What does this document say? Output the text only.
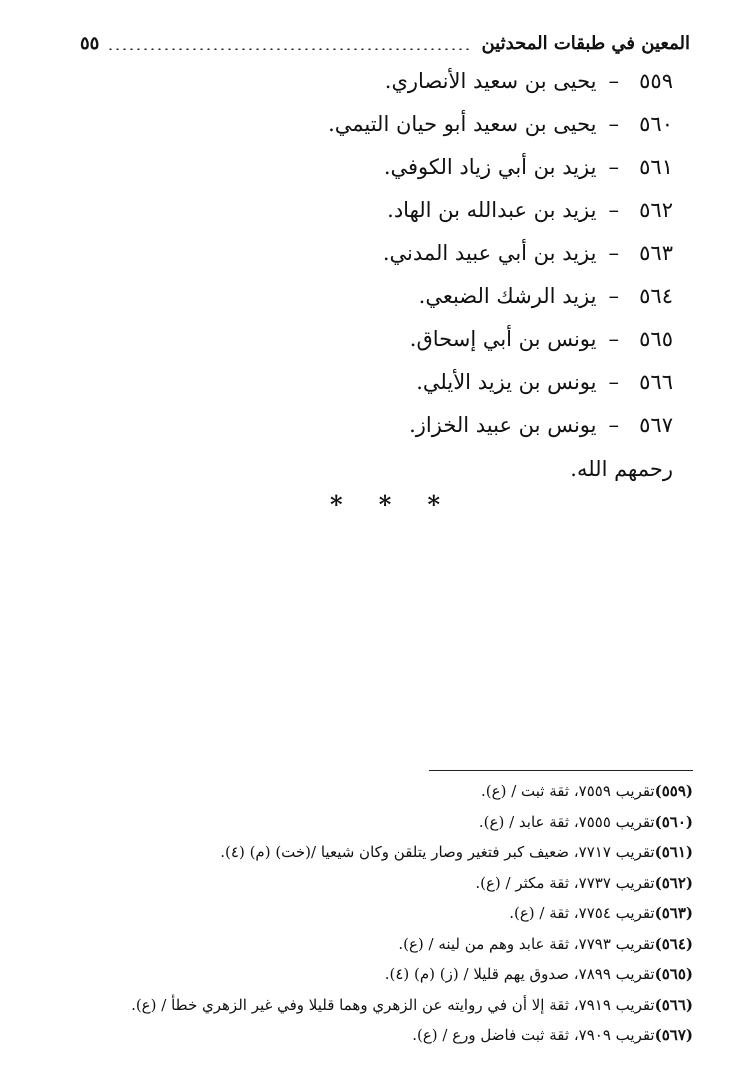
المعين في طبقات المحدثين
٥٥
٥٥٩
–
يحيى بن سعيد الأنصاري.
٥٦٠
–
يحيى بن سعيد أبو حيان التيمي.
٥٦١
–
يزيد بن أبي زياد الكوفي.
٥٦٢
–
يزيد بن عبدالله بن الهاد.
٥٦٣
–
يزيد بن أبي عبيد المدني.
٥٦٤
–
يزيد الرشك الضبعي.
٥٦٥
–
يونس بن أبي إسحاق.
٥٦٦
–
يونس بن يزيد الأيلي.
٥٦٧
–
يونس بن عبيد الخزاز.
رحمهم الله.
* * *
(٥٥٩)تقريب ٧٥٥٩، ثقة ثبت / (ع).
(٥٦٠)تقريب ٧٥٥٥، ثقة عابد / (ع).
(٥٦١)تقريب ٧٧١٧، ضعيف كبر فتغير وصار يتلقن وكان شيعيا /(خت) (م) (٤).
(٥٦٢)تقريب ٧٧٣٧، ثقة مكثر / (ع).
(٥٦٣)تقريب ٧٧٥٤، ثقة / (ع).
(٥٦٤)تقريب ٧٧٩٣، ثقة عابد وهم من لينه / (ع).
(٥٦٥)تقريب ٧٨٩٩، صدوق يهم قليلا / (ز) (م) (٤).
(٥٦٦)تقريب ٧٩١٩، ثقة إلا أن في روايته عن الزهري وهما قليلا وفي غير الزهري خطأ / (ع).
(٥٦٧)تقريب ٧٩٠٩، ثقة ثبت فاضل ورع / (ع).
